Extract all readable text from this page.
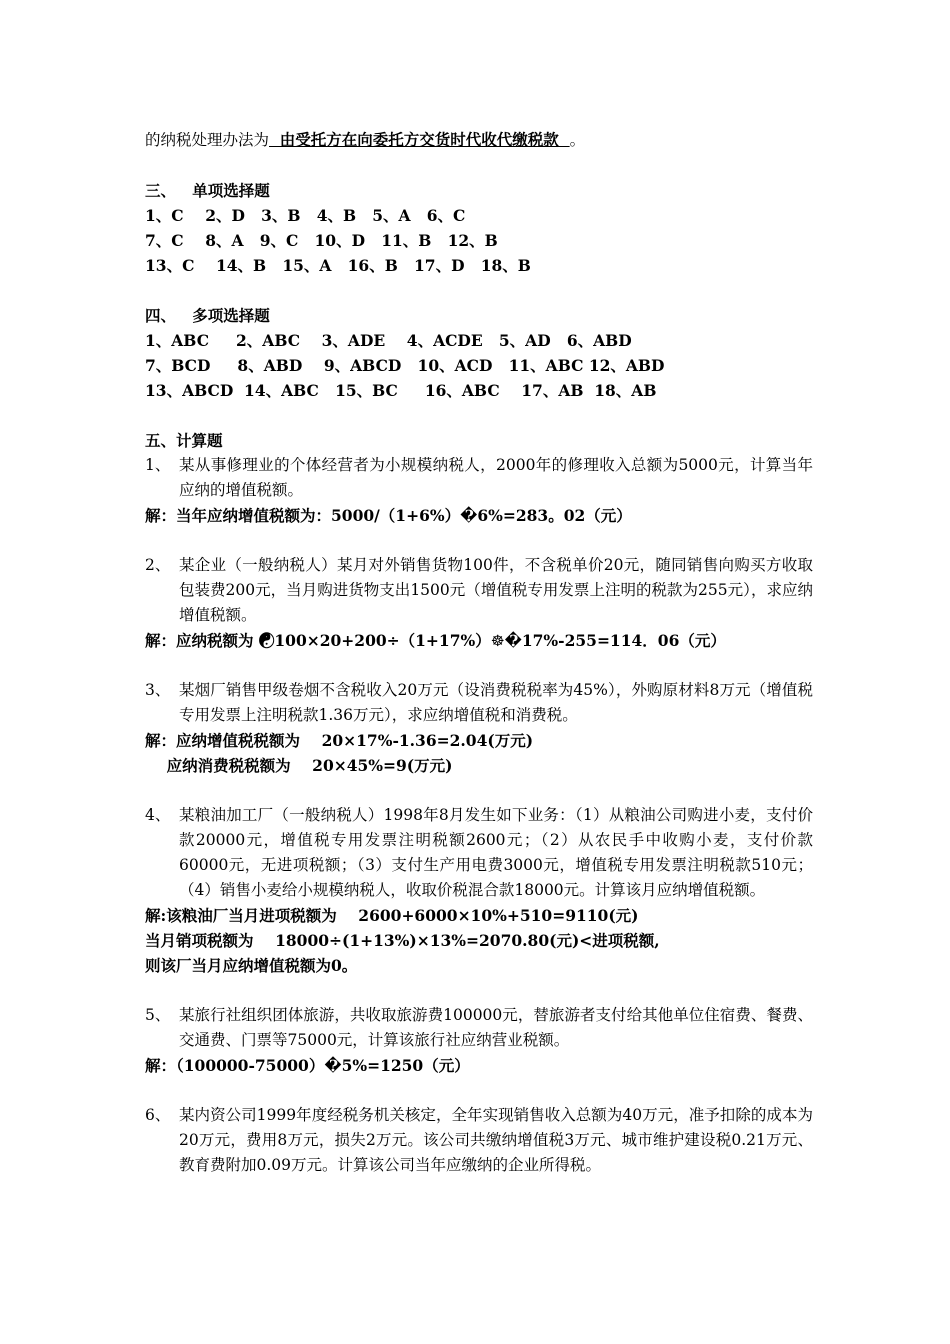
的纳税处理办法为  由受托方在向委托方交货时代收代缴税款  。
三、   单项选择题
1、C    2、D   3、B   4、B   5、A   6、C
7、C    8、A   9、C   10、D   11、B   12、B
13、C    14、B   15、A   16、B   17、D   18、B
四、   多项选择题
1、ABC     2、ABC    3、ADE    4、ACDE   5、AD   6、ABD
7、BCD     8、ABD    9、ABCD   10、ACD   11、ABC 12、ABD
13、ABCD  14、ABC   15、BC     16、ABC    17、AB  18、AB
五、计算题
1、 某从事修理业的个体经营者为小规模纳税人，2000年的修理收入总额为5000元，计算当年应纳的增值税额。
解：当年应纳增值税额为：5000/（1+6%）�6%=283。02（元）
2、 某企业（一般纳税人）某月对外销售货物100件，不含税单价20元，随同销售向购买方收取包装费200元，当月购进货物支出1500元（增值税专用发票上注明的税款为255元），求应纳增值税额。
解：应纳税额为 ☯100×20+200÷（1+17%）☸�17%-255=114．06（元）
3、 某烟厂销售甲级卷烟不含税收入20万元（设消费税税率为45%），外购原材料8万元（增值税专用发票上注明税款1.36万元），求应纳增值税和消费税。
解：应纳增值税税额为    20×17%-1.36=2.04(万元)
应纳消费税税额为    20×45%=9(万元)
4、 某粮油加工厂（一般纳税人）1998年8月发生如下业务：（1）从粮油公司购进小麦，支付价款20000元，增值税专用发票注明税额2600元；（2）从农民手中收购小麦，支付价款60000元，无进项税额；（3）支付生产用电费3000元，增值税专用发票注明税款510元；（4）销售小麦给小规模纳税人，收取价税混合款18000元。计算该月应纳增值税额。
解:该粮油厂当月进项税额为    2600+6000×10%+510=9110(元)
当月销项税额为    18000÷(1+13%)×13%=2070.80(元)<进项税额,
则该厂当月应纳增值税额为0。
5、 某旅行社组织团体旅游，共收取旅游费100000元，替旅游者支付给其他单位住宿费、餐费、交通费、门票等75000元，计算该旅行社应纳营业税额。
解：（100000-75000）�5%=1250（元）
6、 某内资公司1999年度经税务机关核定，全年实现销售收入总额为40万元，准予扣除的成本为20万元，费用8万元，损失2万元。该公司共缴纳增值税3万元、城市维护建设税0.21万元、教育费附加0.09万元。计算该公司当年应缴纳的企业所得税。
